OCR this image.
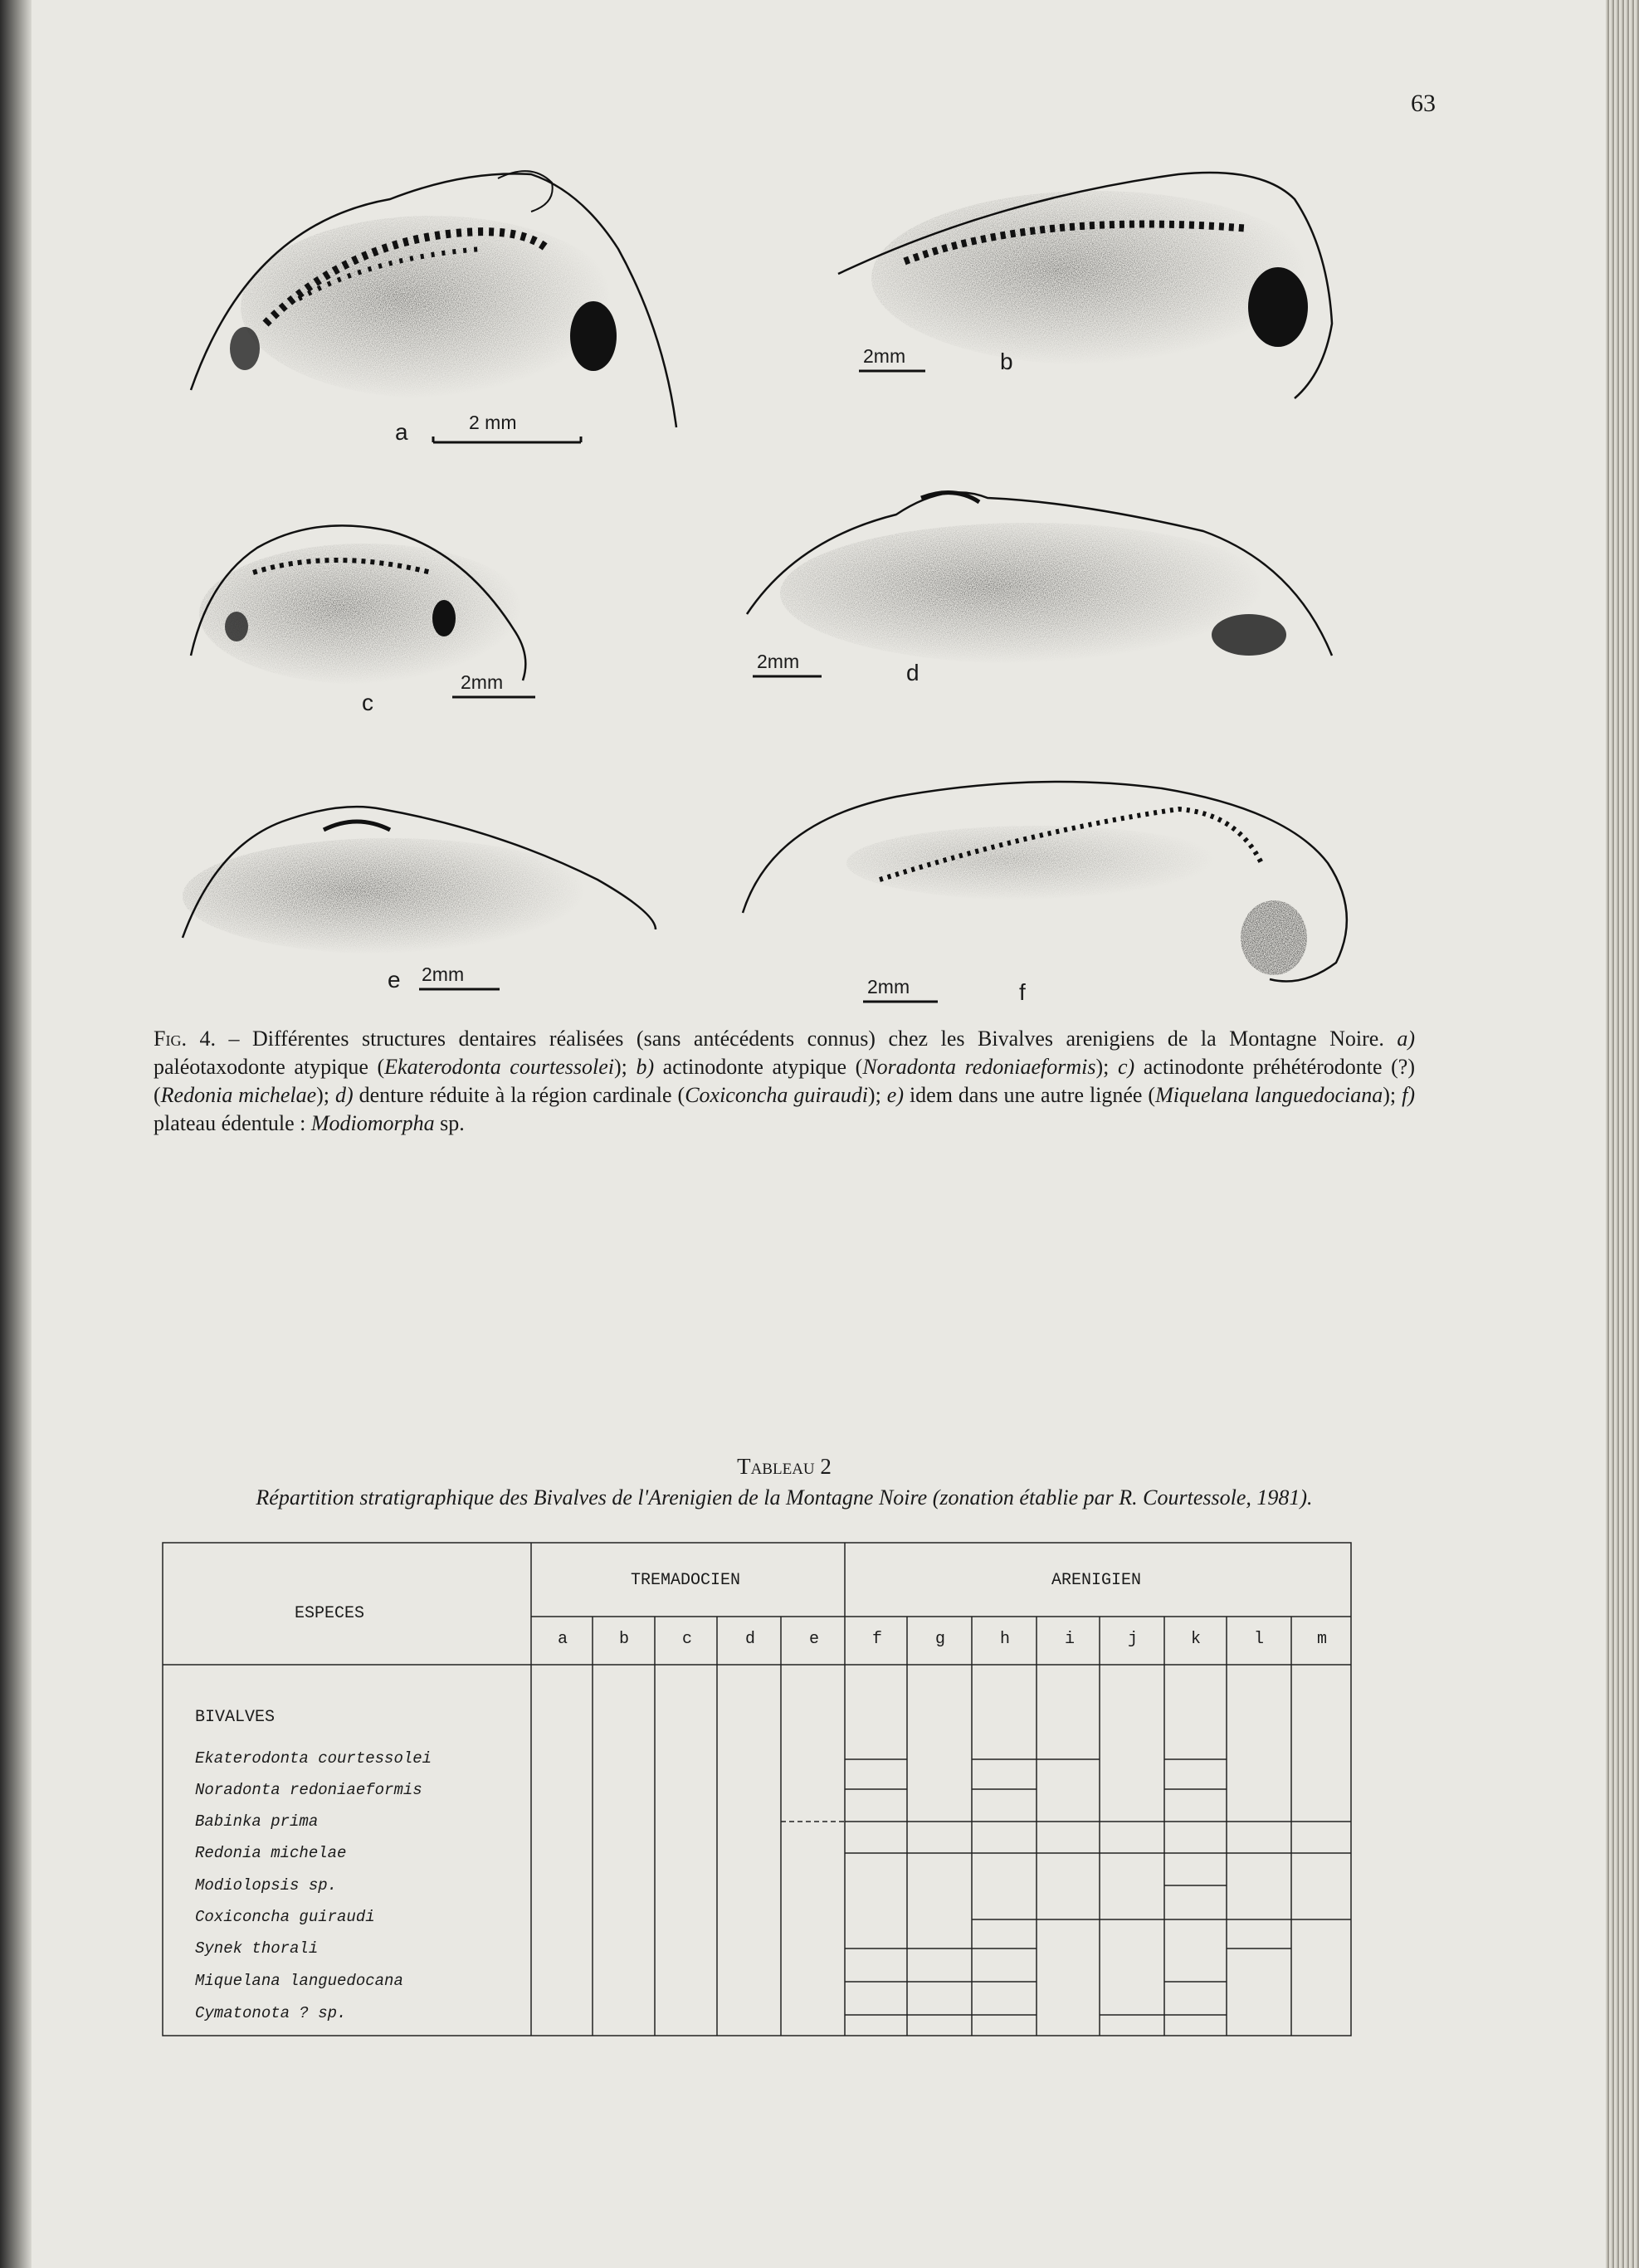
63
a	2 mm
b
2mm
c
2mm	d
2mm
e 2mm
f
2mm
Fig. 4. – Différentes structures dentaires réalisées (sans antécédents connus) chez les Bivalves arenigiens de la Montagne Noire. a) paléotaxodonte atypique (Ekaterodonta courtessolei); b) actinodonte atypique (Noradonta redoniaeformis); c) actinodonte préhétérodonte (?) (Redonia michelae); d) denture réduite à la région cardinale (Coxiconcha guiraudi); e) idem dans une autre lignée (Miquelana languedociana); f) plateau édentule : Modiomorpha sp.
Tableau 2
Répartition stratigraphique des Bivalves de l'Arenigien de la Montagne Noire (zonation établie par R. Courtessole, 1981).
ESPECES
TREMADOCIEN	ARENIGIEN
a	b	c	d	e	f	g	h	i	j	k	l	m
BIVALVES
Ekaterodonta courtessolei
Noradonta redoniaeformis
Babinka prima
Redonia michelae
Modiolopsis sp.
Coxiconcha guiraudi
Synek thorali
Miquelana languedocana
Cymatonota ? sp.
